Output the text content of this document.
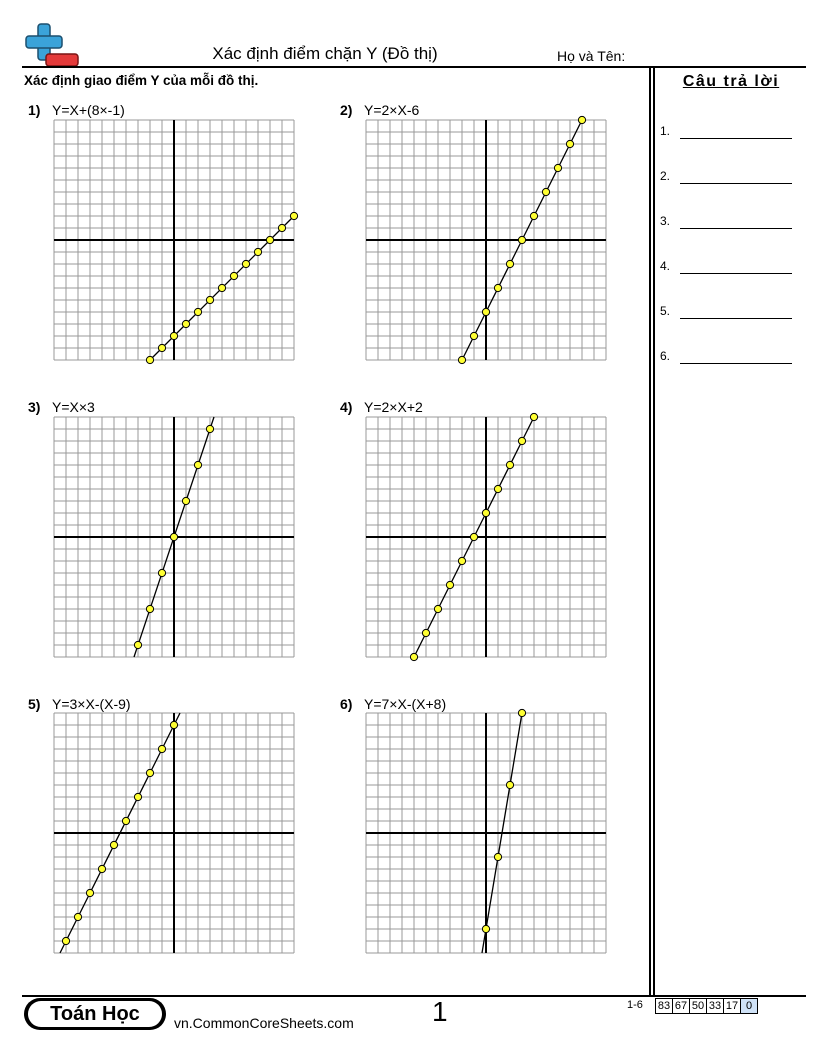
Xác định điểm chặn Y (Đồ thị)	Họ và Tên:
Xác định giao điểm Y của mỗi đồ thị.	Câu trả lời
1.
2.
3.
4.
5.
6.
1) Y=X+(8×-1)	2) Y=2×X-6
3) Y=X×3	4) Y=2×X+2
5) Y=3×X-(X-9)	6) Y=7×X-(X+8)
Toán Học	vn.CommonCoreSheets.com	1	1-6 83 67 50 33 17 0
